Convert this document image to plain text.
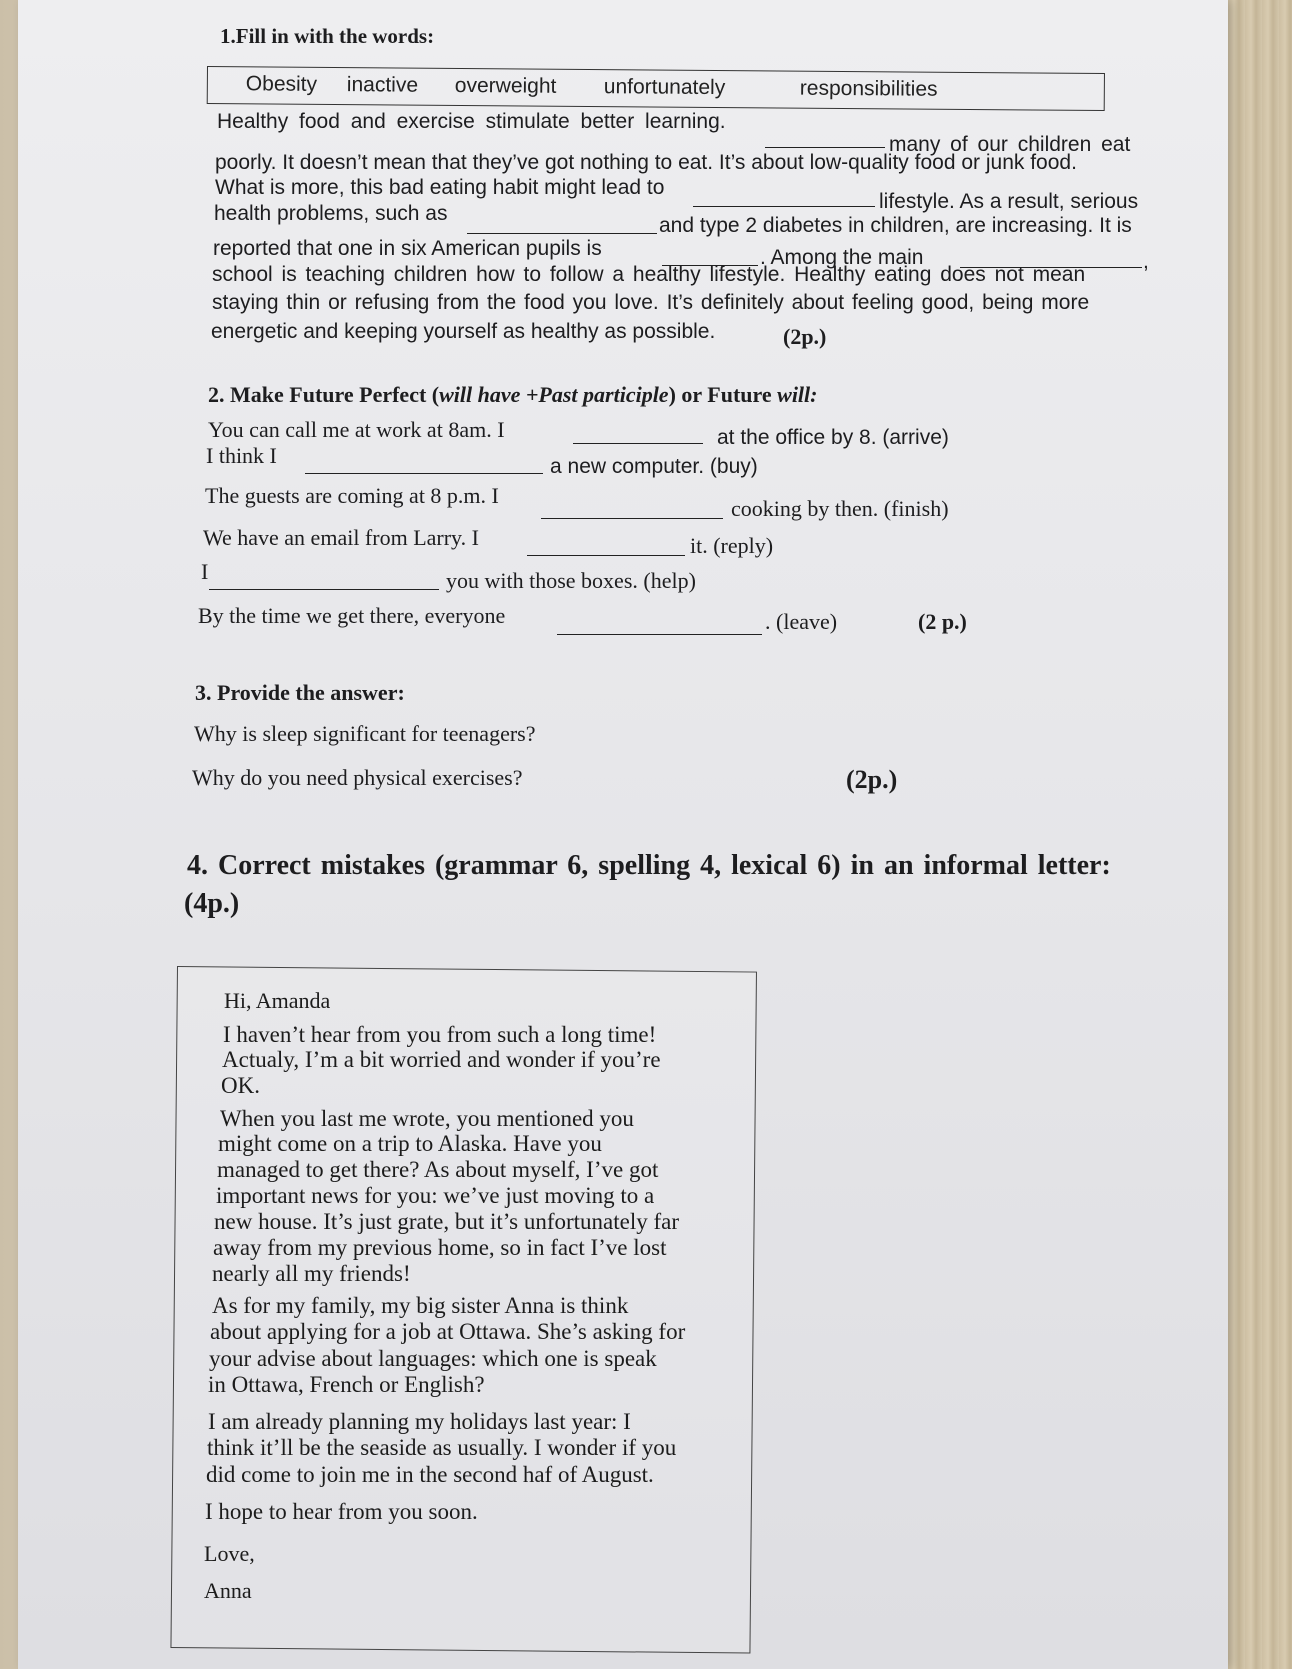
1.Fill in with the words:
Obesity inactive overweight unfortunately	responsibilities
Healthy food and exercise stimulate better learning.
many of our children eat
poorly. It doesn’t mean that they’ve got nothing to eat. It’s about low-quality food or junk food.
What is more, this bad eating habit might lead to
lifestyle. As a result, serious
health problems, such as
and type 2 diabetes in children, are increasing. It is
reported that one in six American pupils is	. Among the main	,
school is teaching children how to follow a healthy lifestyle. Healthy eating does not mean
staying thin or refusing from the food you love. It’s definitely about feeling good, being more
energetic and keeping yourself as healthy as possible.	(2p.)
2. Make Future Perfect (will have +Past participle) or Future will:
You can call me at work at 8am. I	at the office by 8. (arrive)
I think I	a new computer. (buy)
The guests are coming at 8 p.m. I
cooking by then. (finish)
We have an email from Larry. I	it. (reply)
I	you with those boxes. (help)
By the time we get there, everyone	. (leave)	(2 p.)
3. Provide the answer:
Why is sleep significant for teenagers?
Why do you need physical exercises?	(2p.)
4. Correct mistakes (grammar 6, spelling 4, lexical 6) in an informal letter:
(4p.)
Hi, Amanda
I haven’t hear from you from such a long time!
Actualy, I’m a bit worried and wonder if you’re
OK.
When you last me wrote, you mentioned you
might come on a trip to Alaska. Have you
managed to get there? As about myself, I’ve got
important news for you: we’ve just moving to a
new house. It’s just grate, but it’s unfortunately far
away from my previous home, so in fact I’ve lost
nearly all my friends!
As for my family, my big sister Anna is think
about applying for a job at Ottawa. She’s asking for
your advise about languages: which one is speak
in Ottawa, French or English?
I am already planning my holidays last year: I
think it’ll be the seaside as usually. I wonder if you
did come to join me in the second haf of August.
I hope to hear from you soon.
Love,
Anna
